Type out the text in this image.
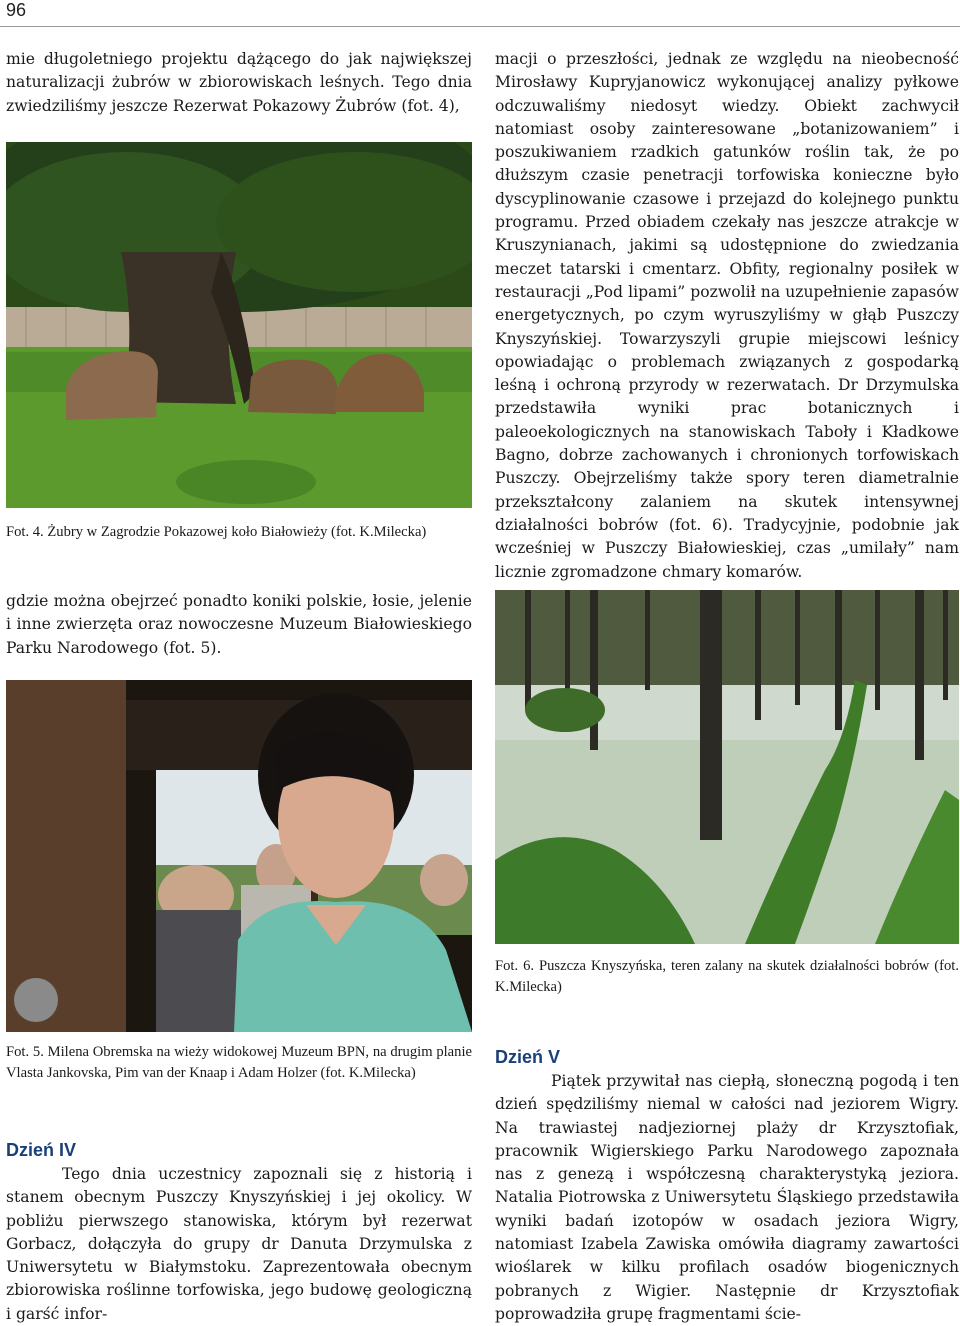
96
mie długoletniego projektu dążącego do jak największej naturalizacji żubrów w zbiorowiskach leśnych. Tego dnia zwiedziliśmy jeszcze Rezerwat Pokazowy Żubrów (fot. 4),
Fot. 4. Żubry w Zagrodzie Pokazowej koło Białowieży (fot. K.Milecka)
gdzie można obejrzeć ponadto koniki polskie, łosie, jelenie i inne zwierzęta oraz nowoczesne Muzeum Białowieskiego Parku Narodowego (fot. 5).
Fot. 5. Milena Obremska na wieży widokowej Muzeum BPN, na drugim planie Vlasta Jankovska, Pim van der Knaap i Adam Holzer (fot. K.Milecka)
Dzień IV
Tego dnia uczestnicy zapoznali się z historią i stanem obecnym Puszczy Knyszyńskiej i jej okolicy. W pobliżu pierwszego stanowiska, którym był rezerwat Gorbacz, dołączyła do grupy dr Danuta Drzymulska z Uniwersytetu w Białymstoku. Zaprezentowała obecnym zbiorowiska roślinne torfowiska, jego budowę geologiczną i garść infor-
macji o przeszłości, jednak ze względu na nieobecność Mirosławy Kupryjanowicz wykonującej analizy pyłkowe odczuwaliśmy niedosyt wiedzy. Obiekt zachwycił natomiast osoby zainteresowane „botanizowaniem” i poszukiwaniem rzadkich gatunków roślin tak, że po dłuższym czasie penetracji torfowiska konieczne było dyscyplinowanie czasowe i przejazd do kolejnego punktu programu. Przed obiadem czekały nas jeszcze atrakcje w Kruszynianach, jakimi są udostępnione do zwiedzania meczet tatarski i cmentarz. Obfity, regionalny posiłek w restauracji „Pod lipami” pozwolił na uzupełnienie zapasów energetycznych, po czym wyruszyliśmy w głąb Puszczy Knyszyńskiej. Towarzyszyli grupie miejscowi leśnicy opowiadając o problemach związanych z gospodarką leśną i ochroną przyrody w rezerwatach. Dr Drzymulska przedstawiła wyniki prac botanicznych i paleoekologicznych na stanowiskach Taboły i Kładkowe Bagno, dobrze zachowanych i chronionych torfowiskach Puszczy. Obejrzeliśmy także spory teren diametralnie przekształcony zalaniem na skutek intensywnej działalności bobrów (fot. 6). Tradycyjnie, podobnie jak wcześniej w Puszczy Białowieskiej, czas „umilały” nam licznie zgromadzone chmary komarów.
Fot. 6. Puszcza Knyszyńska, teren zalany na skutek działalności bobrów (fot. K.Milecka)
Dzień V
Piątek przywitał nas ciepłą, słoneczną pogodą i ten dzień spędziliśmy niemal w całości nad jeziorem Wigry. Na trawiastej nadjeziornej plaży dr Krzysztofiak, pracownik Wigierskiego Parku Narodowego zapoznała nas z genezą i współczesną charakterystyką jeziora. Natalia Piotrowska z Uniwersytetu Śląskiego przedstawiła wyniki badań izotopów w osadach jeziora Wigry, natomiast Izabela Zawiska omówiła diagramy zawartości wioślarek w kilku profilach osadów biogenicznych pobranych z Wigier. Następnie dr Krzysztofiak poprowadziła grupę fragmentami ście-
